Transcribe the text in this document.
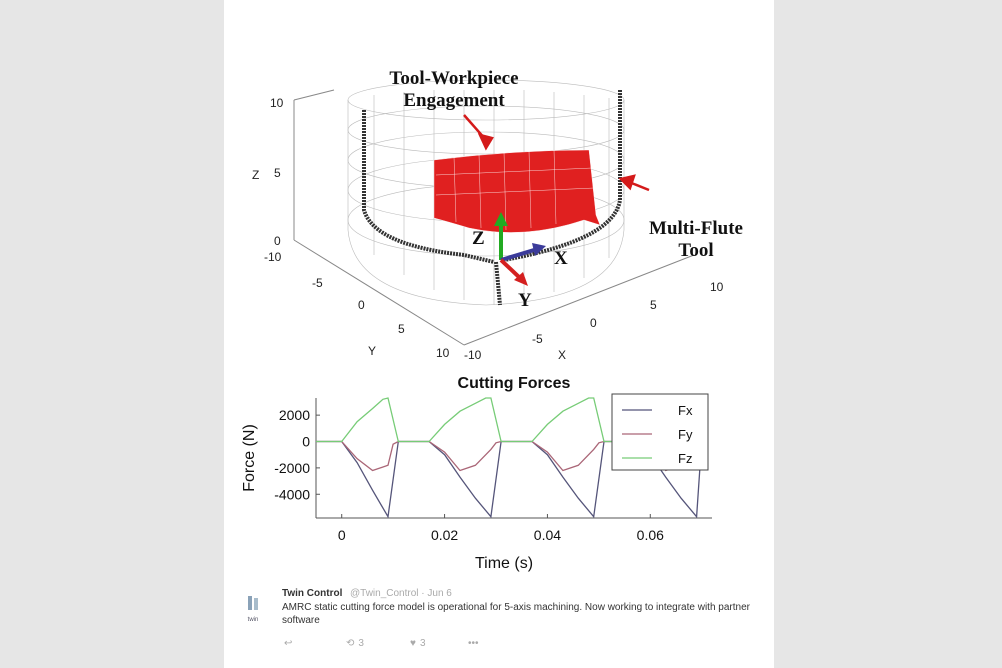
Tool-Workpiece
Engagement
Multi-Flute
Tool
Z
X
Y
Z
10
5
0
-10
-5
0
5
10
Y	-10
-5
0
5
10
X
Cutting Forces
2000
0
-2000
-4000
0	0.02	0.04	0.06
Time (s)
Force (N)
Fx
Fy
Fz
twin
Twin Control @Twin_Control · Jun 6
AMRC static cutting force model is operational for 5-axis machining. Now working to integrate with partner software
↩	⟲ 3	♥ 3	•••
